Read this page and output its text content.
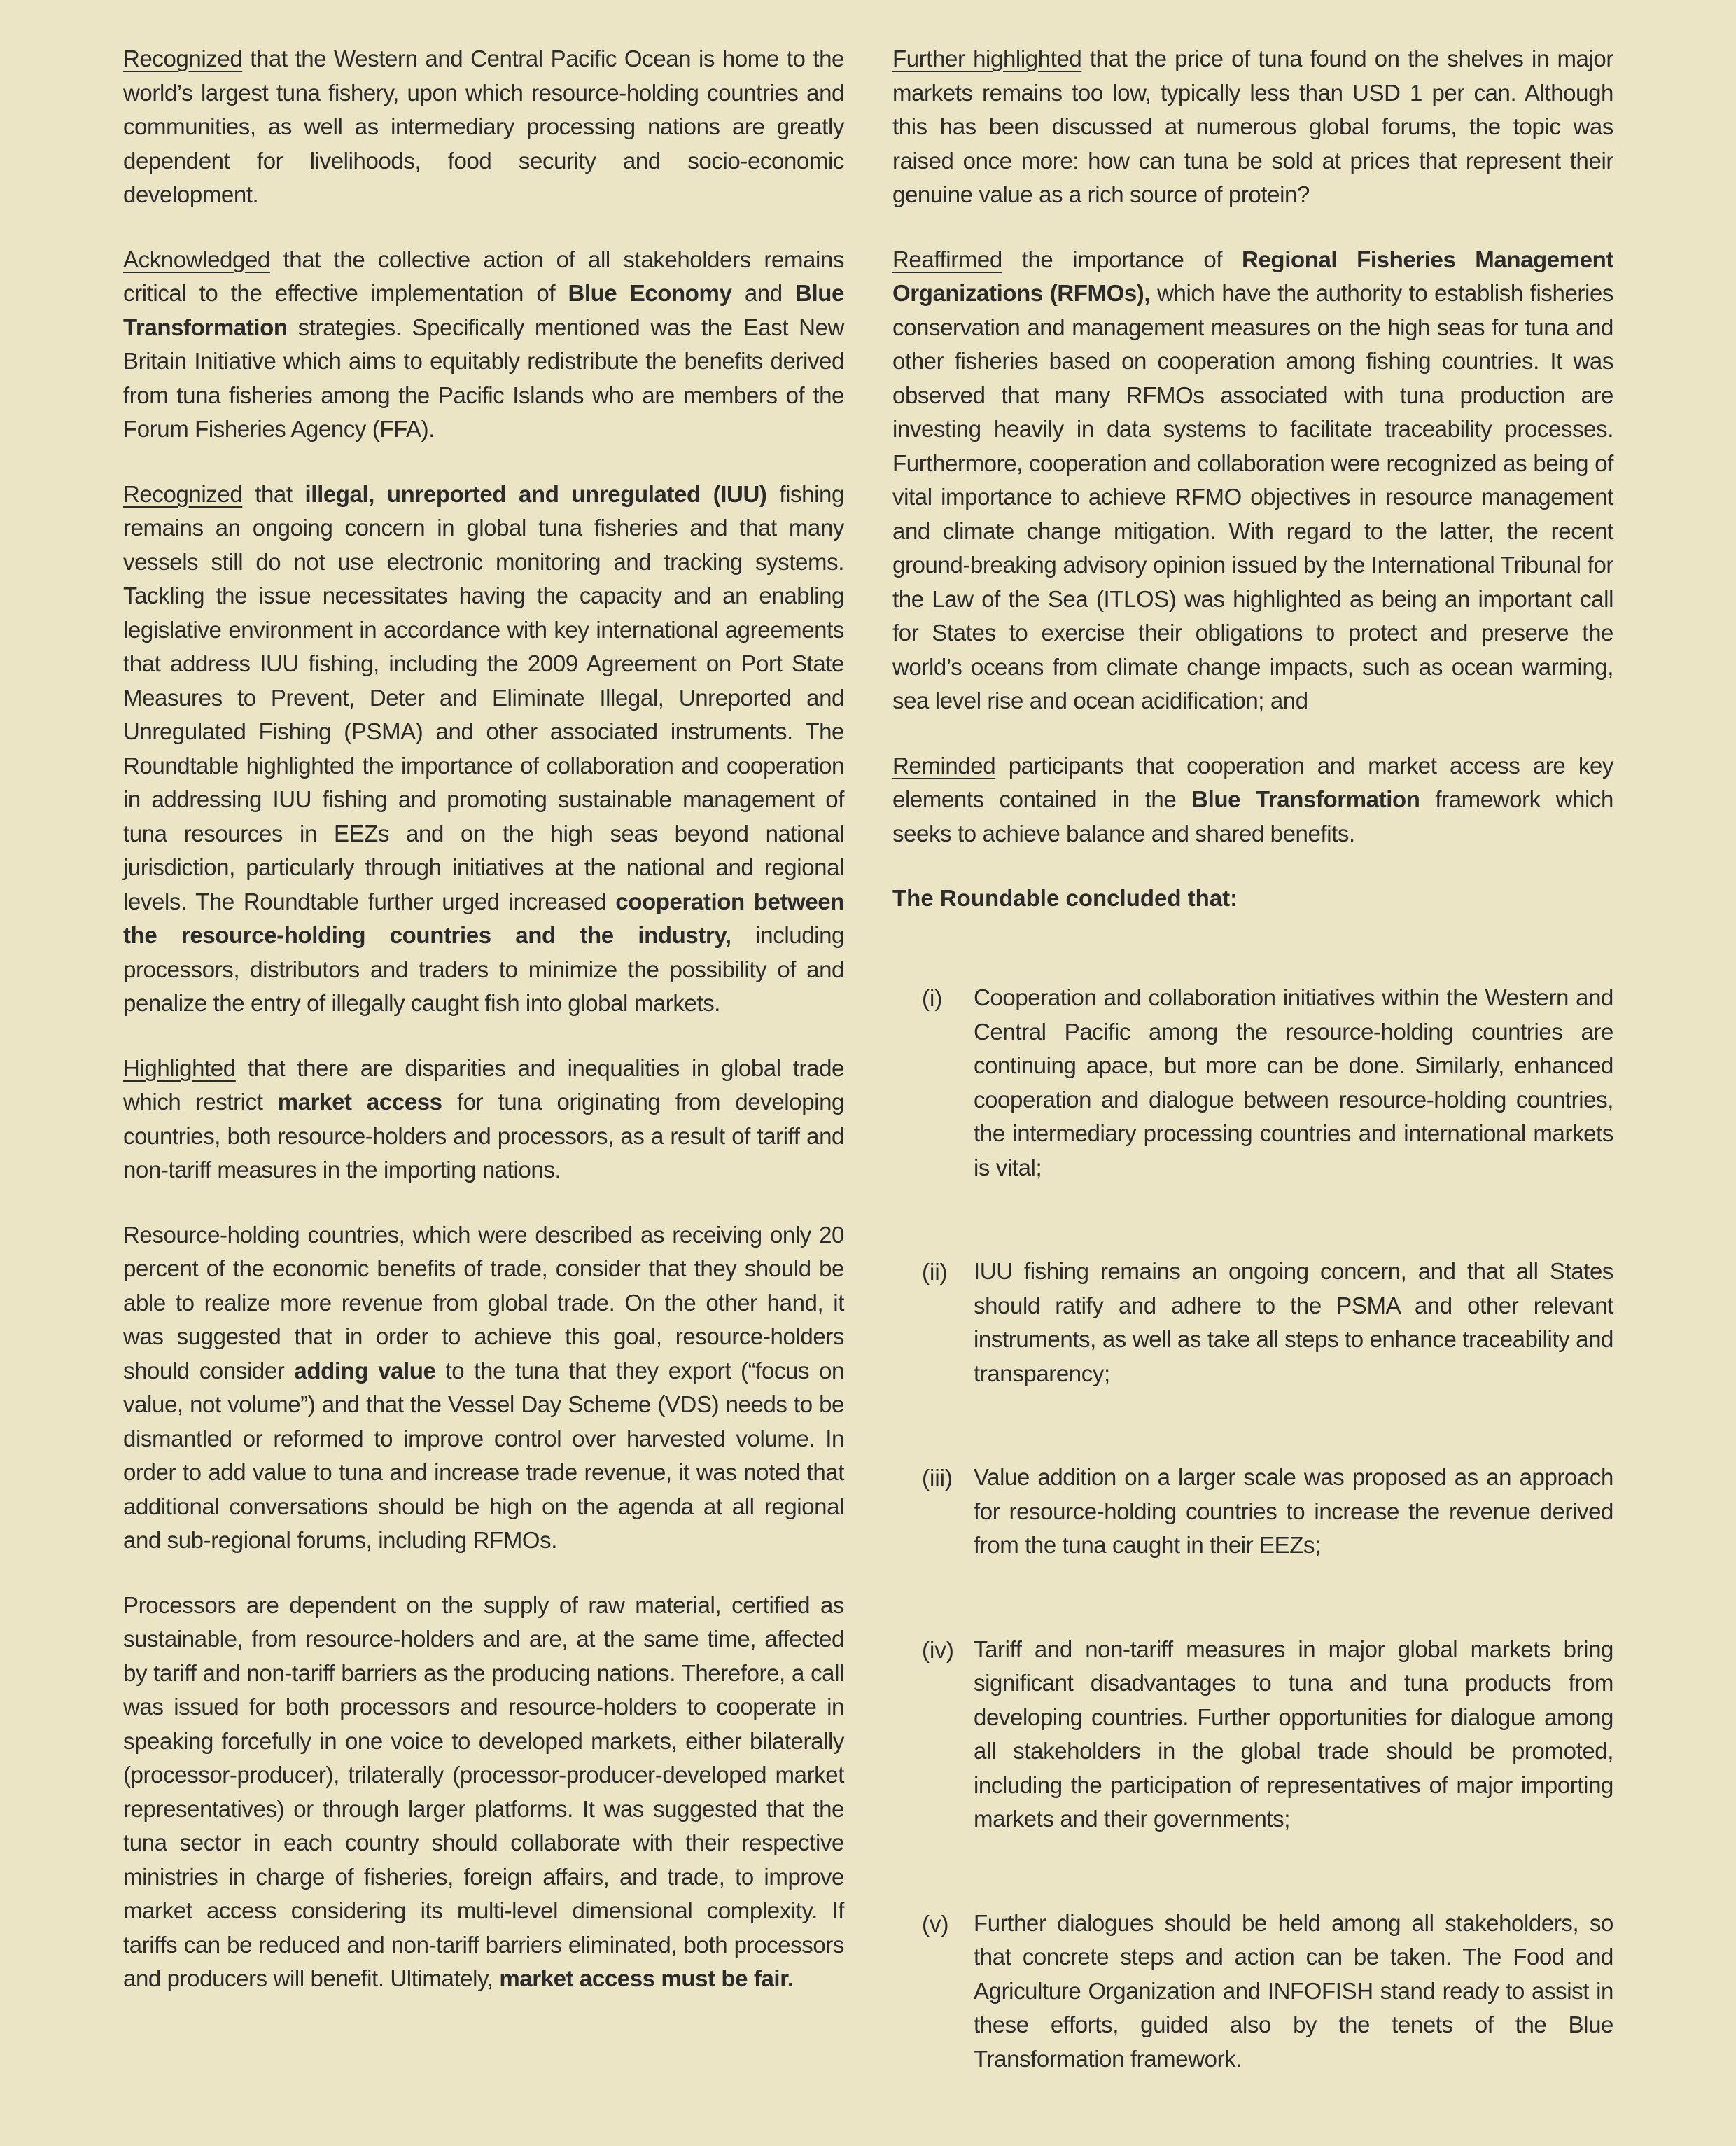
Recognized that the Western and Central Pacific Ocean is home to the world’s largest tuna fishery, upon which resource-holding countries and communities, as well as intermediary processing nations are greatly dependent for livelihoods, food security and socio-economic development.

Acknowledged that the collective action of all stakeholders remains critical to the effective implementation of Blue Economy and Blue Transformation strategies. Specifically mentioned was the East New Britain Initiative which aims to equitably redistribute the benefits derived from tuna fisheries among the Pacific Islands who are members of the Forum Fisheries Agency (FFA).

Recognized that illegal, unreported and unregulated (IUU) fishing remains an ongoing concern in global tuna fisheries and that many vessels still do not use electronic monitoring and tracking systems. Tackling the issue necessitates having the capacity and an enabling legislative environment in accordance with key international agreements that address IUU fishing, including the 2009 Agreement on Port State Measures to Prevent, Deter and Eliminate Illegal, Unreported and Unregulated Fishing (PSMA) and other associated instruments. The Roundtable highlighted the importance of collaboration and cooperation in addressing IUU fishing and promoting sustainable management of tuna resources in EEZs and on the high seas beyond national jurisdiction, particularly through initiatives at the national and regional levels. The Roundtable further urged increased cooperation between the resource-holding countries and the industry, including processors, distributors and traders to minimize the possibility of and penalize the entry of illegally caught fish into global markets.

Highlighted that there are disparities and inequalities in global trade which restrict market access for tuna originating from developing countries, both resource-holders and processors, as a result of tariff and non-tariff measures in the importing nations.

Resource-holding countries, which were described as receiving only 20 percent of the economic benefits of trade, consider that they should be able to realize more revenue from global trade. On the other hand, it was suggested that in order to achieve this goal, resource-holders should consider adding value to the tuna that they export (“focus on value, not volume”) and that the Vessel Day Scheme (VDS) needs to be dismantled or reformed to improve control over harvested volume. In order to add value to tuna and increase trade revenue, it was noted that additional conversations should be high on the agenda at all regional and sub-regional forums, including RFMOs.

Processors are dependent on the supply of raw material, certified as sustainable, from resource-holders and are, at the same time, affected by tariff and non-tariff barriers as the producing nations. Therefore, a call was issued for both processors and resource-holders to cooperate in speaking forcefully in one voice to developed markets, either bilaterally (processor-producer), trilaterally (processor-producer-developed market representatives) or through larger platforms. It was suggested that the tuna sector in each country should collaborate with their respective ministries in charge of fisheries, foreign affairs, and trade, to improve market access considering its multi-level dimensional complexity. If tariffs can be reduced and non-tariff barriers eliminated, both processors and producers will benefit. Ultimately, market access must be fair.

Further highlighted that the price of tuna found on the shelves in major markets remains too low, typically less than USD 1 per can. Although this has been discussed at numerous global forums, the topic was raised once more: how can tuna be sold at prices that represent their genuine value as a rich source of protein?

Reaffirmed the importance of Regional Fisheries Management Organizations (RFMOs), which have the authority to establish fisheries conservation and management measures on the high seas for tuna and other fisheries based on cooperation among fishing countries. It was observed that many RFMOs associated with tuna production are investing heavily in data systems to facilitate traceability processes. Furthermore, cooperation and collaboration were recognized as being of vital importance to achieve RFMO objectives in resource management and climate change mitigation. With regard to the latter, the recent ground-breaking advisory opinion issued by the International Tribunal for the Law of the Sea (ITLOS) was highlighted as being an important call for States to exercise their obligations to protect and preserve the world’s oceans from climate change impacts, such as ocean warming, sea level rise and ocean acidification; and

Reminded participants that cooperation and market access are key elements contained in the Blue Transformation framework which seeks to achieve balance and shared benefits.

The Roundable concluded that:
(i)	Cooperation and collaboration initiatives within the Western and Central Pacific among the resource-holding countries are continuing apace, but more can be done. Similarly, enhanced cooperation and dialogue between resource-holding countries, the intermediary processing countries and international markets is vital;

(ii)	IUU fishing remains an ongoing concern, and that all States should ratify and adhere to the PSMA and other relevant instruments, as well as take all steps to enhance traceability and transparency;

(iii) Value addition on a larger scale was proposed as an approach for resource-holding countries to increase the revenue derived from the tuna caught in their EEZs;

(iv) Tariff and non-tariff measures in major global markets bring significant disadvantages to tuna and tuna products from developing countries. Further opportunities for dialogue among all stakeholders in the global trade should be promoted, including the participation of representatives of major importing markets and their governments;

(v)	Further dialogues should be held among all stakeholders, so that concrete steps and action can be taken. The Food and Agriculture Organization and INFOFISH stand ready to assist in these efforts, guided also by the tenets of the Blue Transformation framework.
